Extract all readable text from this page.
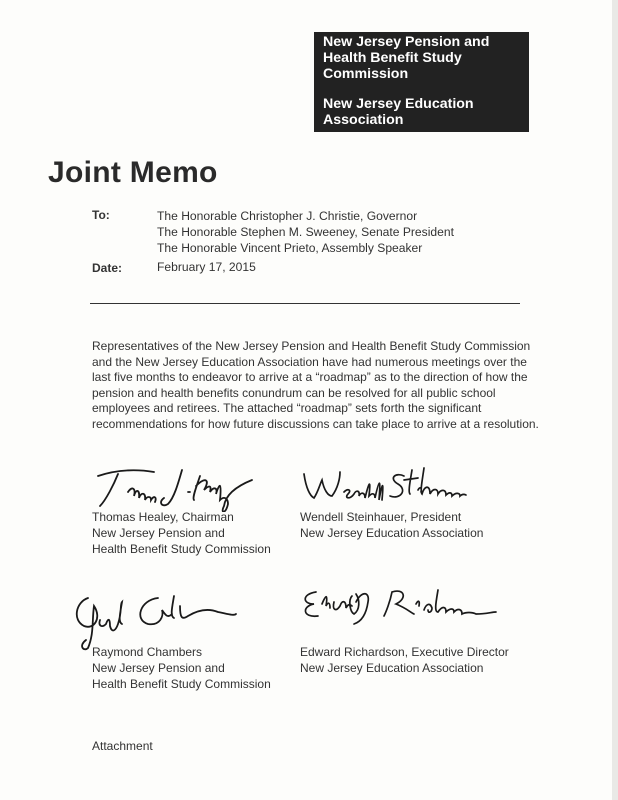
New Jersey Pension and
Health Benefit Study
Commission
New Jersey Education
Association
Joint Memo
To:	The Honorable Christopher J. Christie, Governor
The Honorable Stephen M. Sweeney, Senate President
The Honorable Vincent Prieto, Assembly Speaker
Date:	February 17, 2015
Representatives of the New Jersey Pension and Health Benefit Study Commission
and the New Jersey Education Association have had numerous meetings over the
last five months to endeavor to arrive at a “roadmap” as to the direction of how the
pension and health benefits conundrum can be resolved for all public school
employees and retirees. The attached “roadmap” sets forth the significant
recommendations for how future discussions can take place to arrive at a resolution.
Thomas Healey, Chairman
New Jersey Pension and
Health Benefit Study Commission
Wendell Steinhauer, President
New Jersey Education Association
Raymond Chambers
New Jersey Pension and
Health Benefit Study Commission
Edward Richardson, Executive Director
New Jersey Education Association
Attachment
